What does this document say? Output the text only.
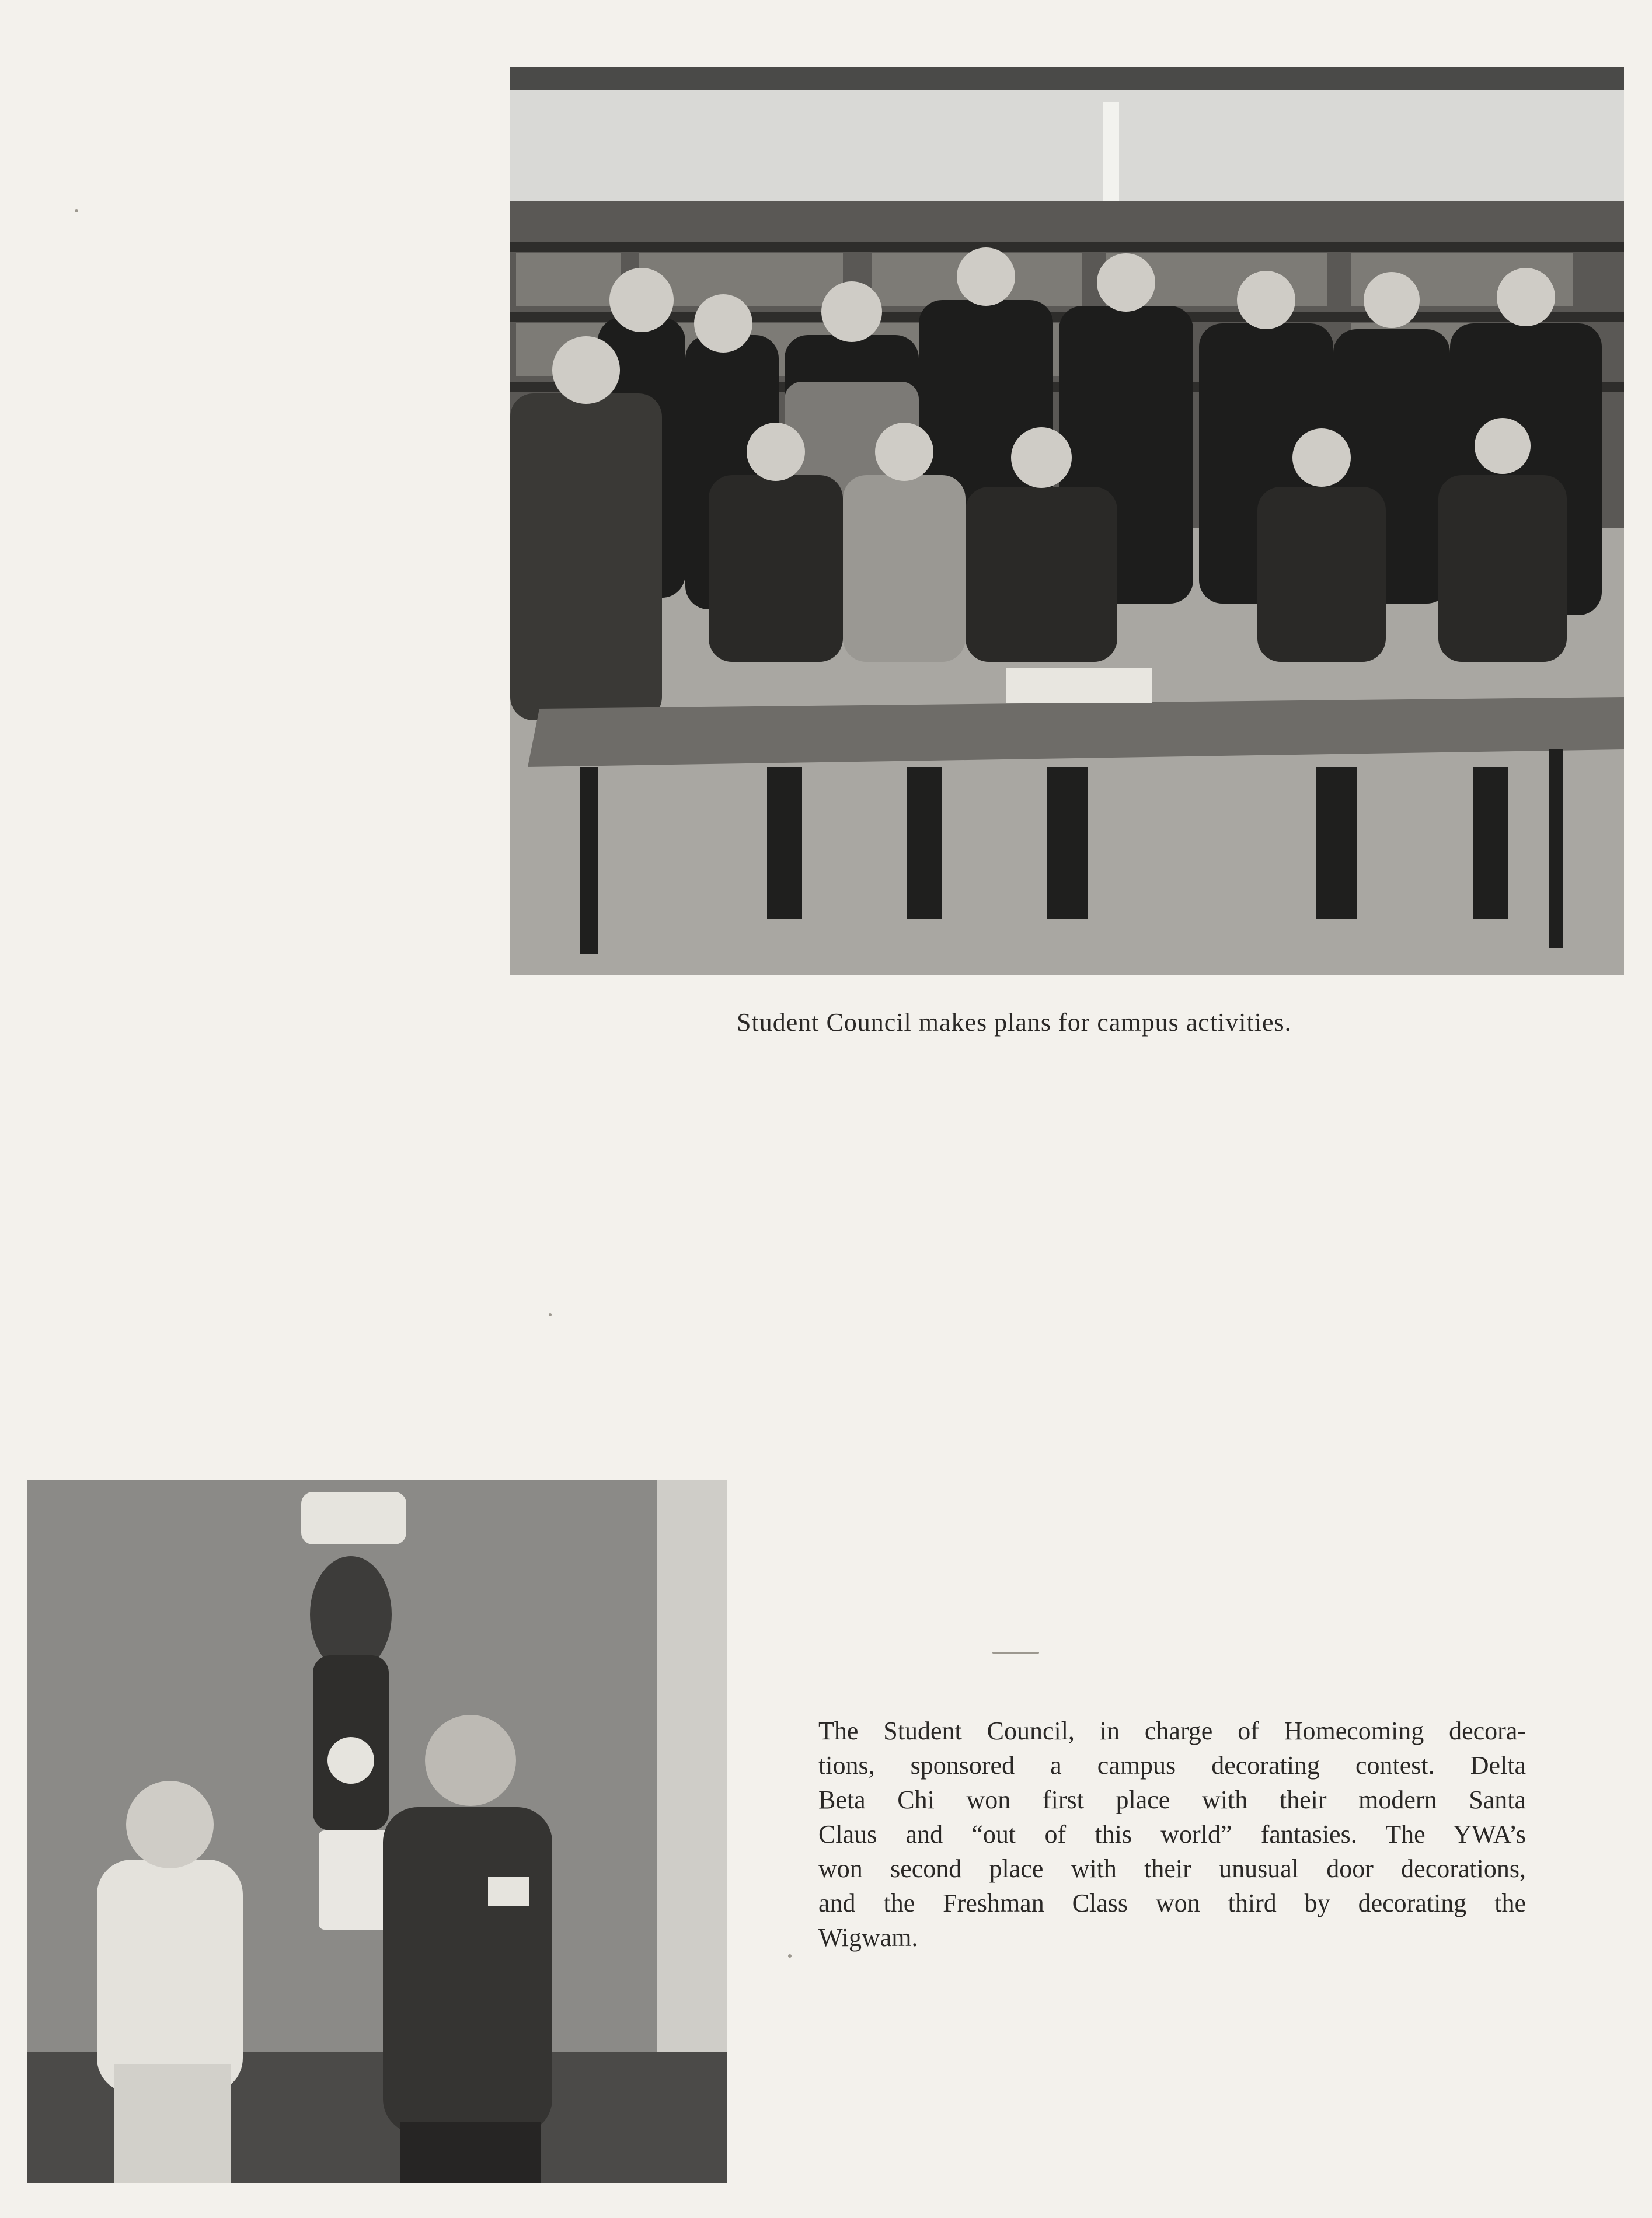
Student Council makes plans for campus activities.
The Student Council, in charge of Homecoming decora-
tions, sponsored a campus decorating contest. Delta
Beta Chi won first place with their modern Santa
Claus and “out of this world” fantasies. The YWA’s
won second place with their unusual door decorations,
and the Freshman Class won third by decorating the
Wigwam.
